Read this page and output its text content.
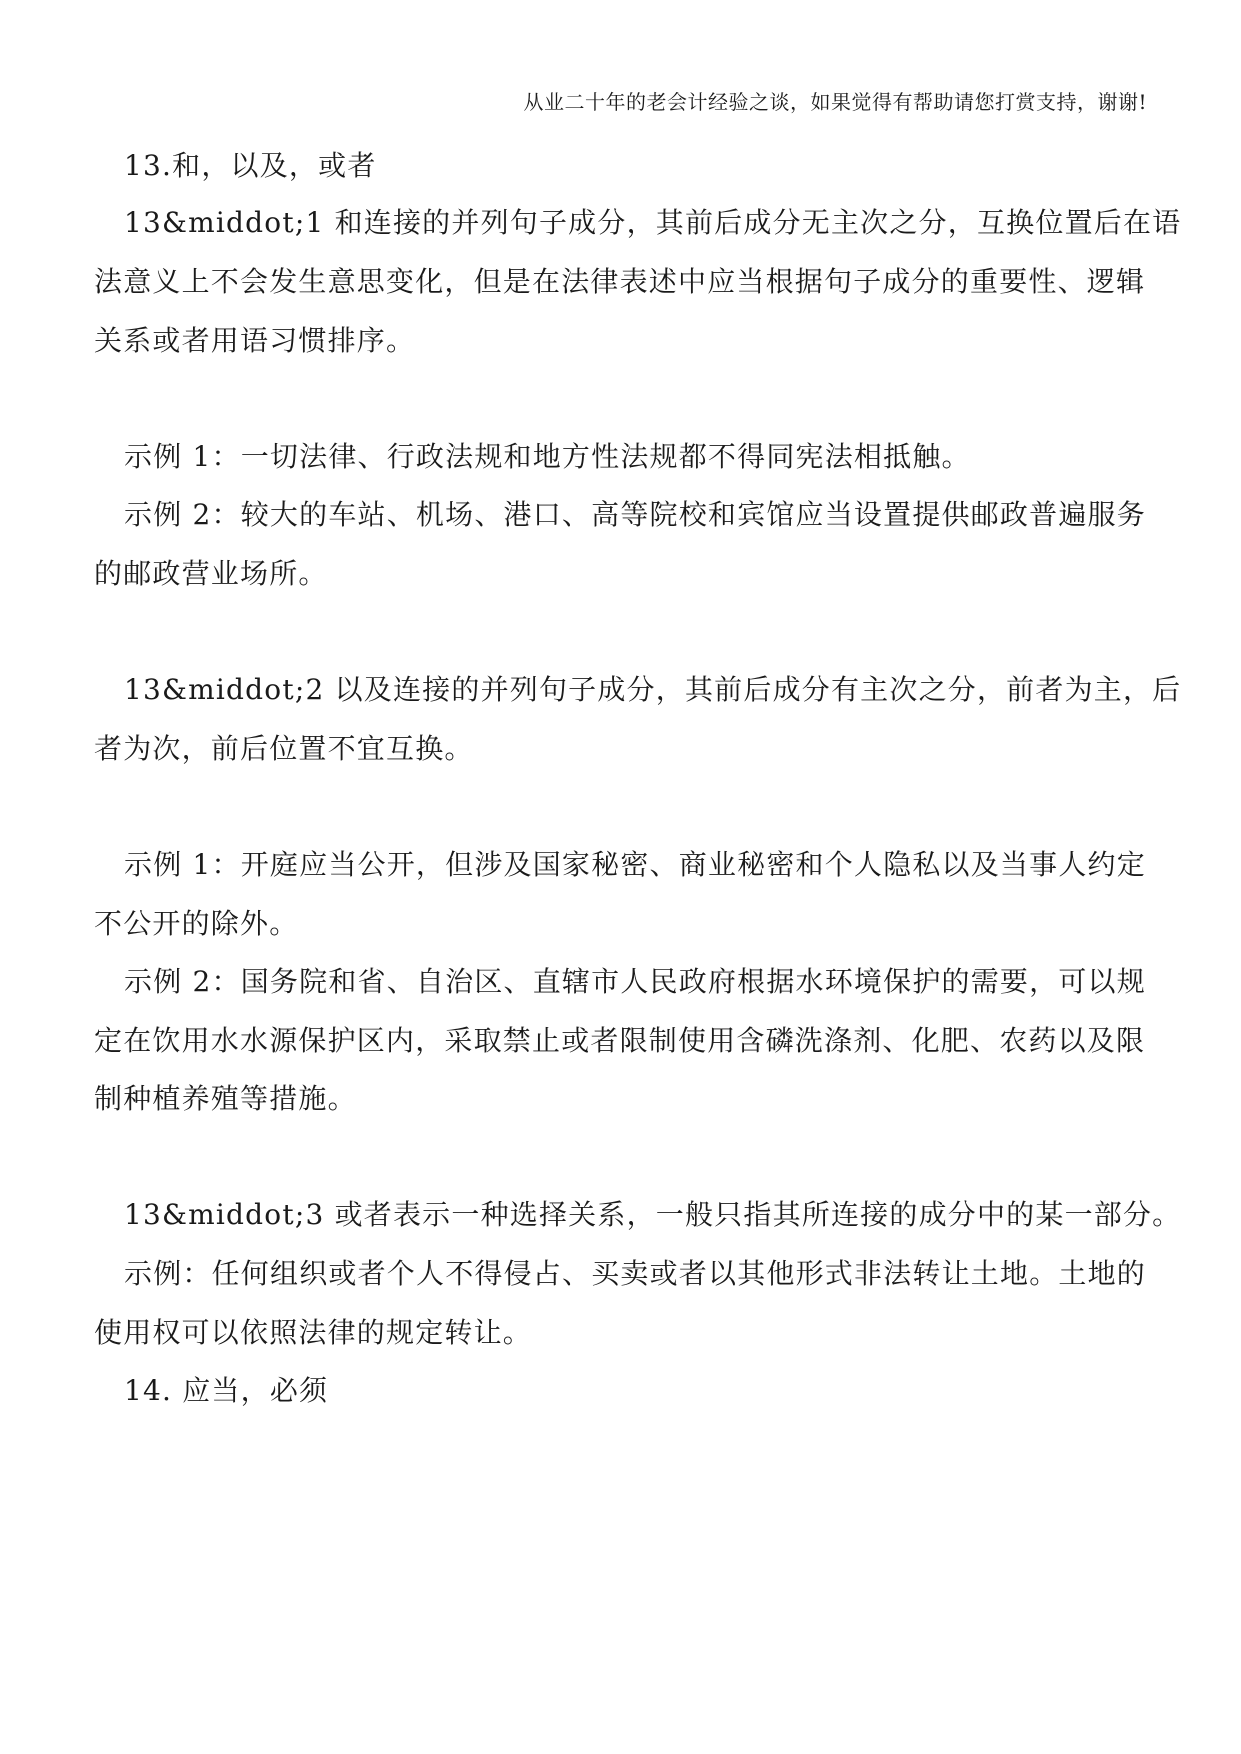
从业二十年的老会计经验之谈，如果觉得有帮助请您打赏支持，谢谢!
13.和，以及，或者
13&middot;1 和连接的并列句子成分，其前后成分无主次之分，互换位置后在语
法意义上不会发生意思变化，但是在法律表述中应当根据句子成分的重要性、逻辑
关系或者用语习惯排序。
示例 1：一切法律、行政法规和地方性法规都不得同宪法相抵触。
示例 2：较大的车站、机场、港口、高等院校和宾馆应当设置提供邮政普遍服务
的邮政营业场所。
13&middot;2 以及连接的并列句子成分，其前后成分有主次之分，前者为主，后
者为次，前后位置不宜互换。
示例 1：开庭应当公开，但涉及国家秘密、商业秘密和个人隐私以及当事人约定
不公开的除外。
示例 2：国务院和省、自治区、直辖市人民政府根据水环境保护的需要，可以规
定在饮用水水源保护区内，采取禁止或者限制使用含磷洗涤剂、化肥、农药以及限
制种植养殖等措施。
13&middot;3 或者表示一种选择关系，一般只指其所连接的成分中的某一部分。
示例：任何组织或者个人不得侵占、买卖或者以其他形式非法转让土地。土地的
使用权可以依照法律的规定转让。
14. 应当，必须
